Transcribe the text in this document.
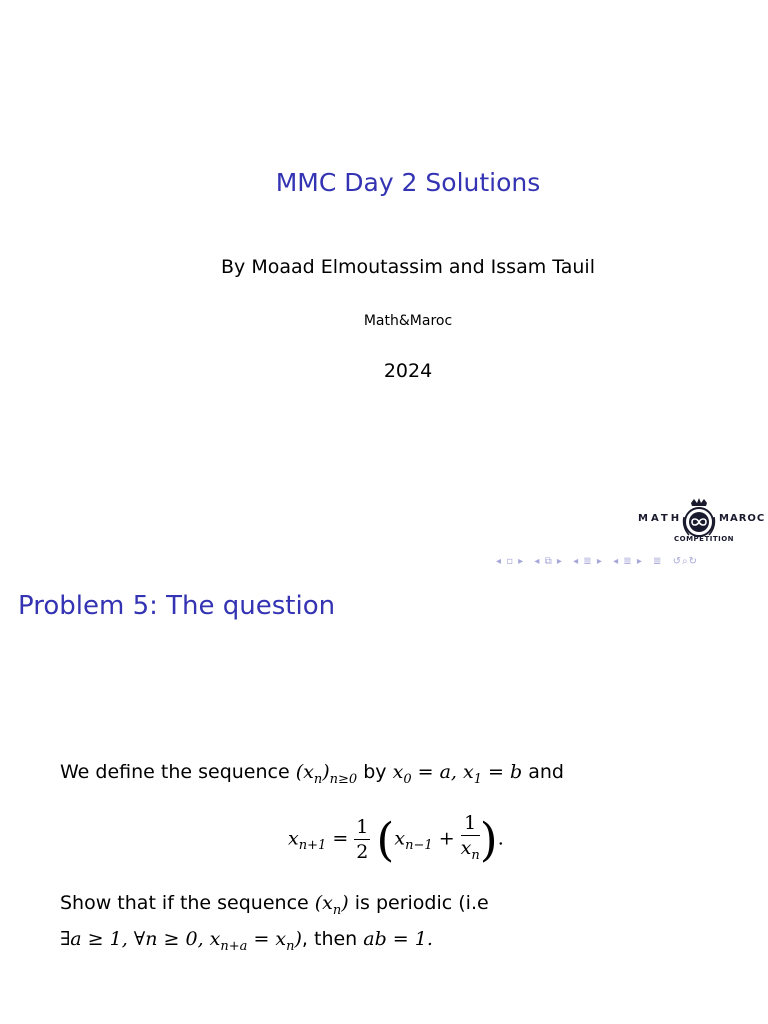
MMC Day 2 Solutions
By Moaad Elmoutassim and Issam Tauil
Math&Maroc
2024
MATH	MAROC
COMPETITION
◂ ▫ ▸ ◂ ⧉ ▸ ◂ ≣ ▸ ◂ ≣ ▸ ≣ ↺⌕↻
Problem 5: The question
We define the sequence $(x_n)_{n\ge 0}$ by $x_0 = a$, $x_1 = b$ and
$x_{n+1} = \frac{1}{2} (x_{n-1} + \frac{1}{x_n}$ ).
Show that if the sequence $(x_n)$ is periodic (i.e
∃a ≥ 1, ∀n ≥ 0, $x_{n+a} = x_n$), then ab = 1.
